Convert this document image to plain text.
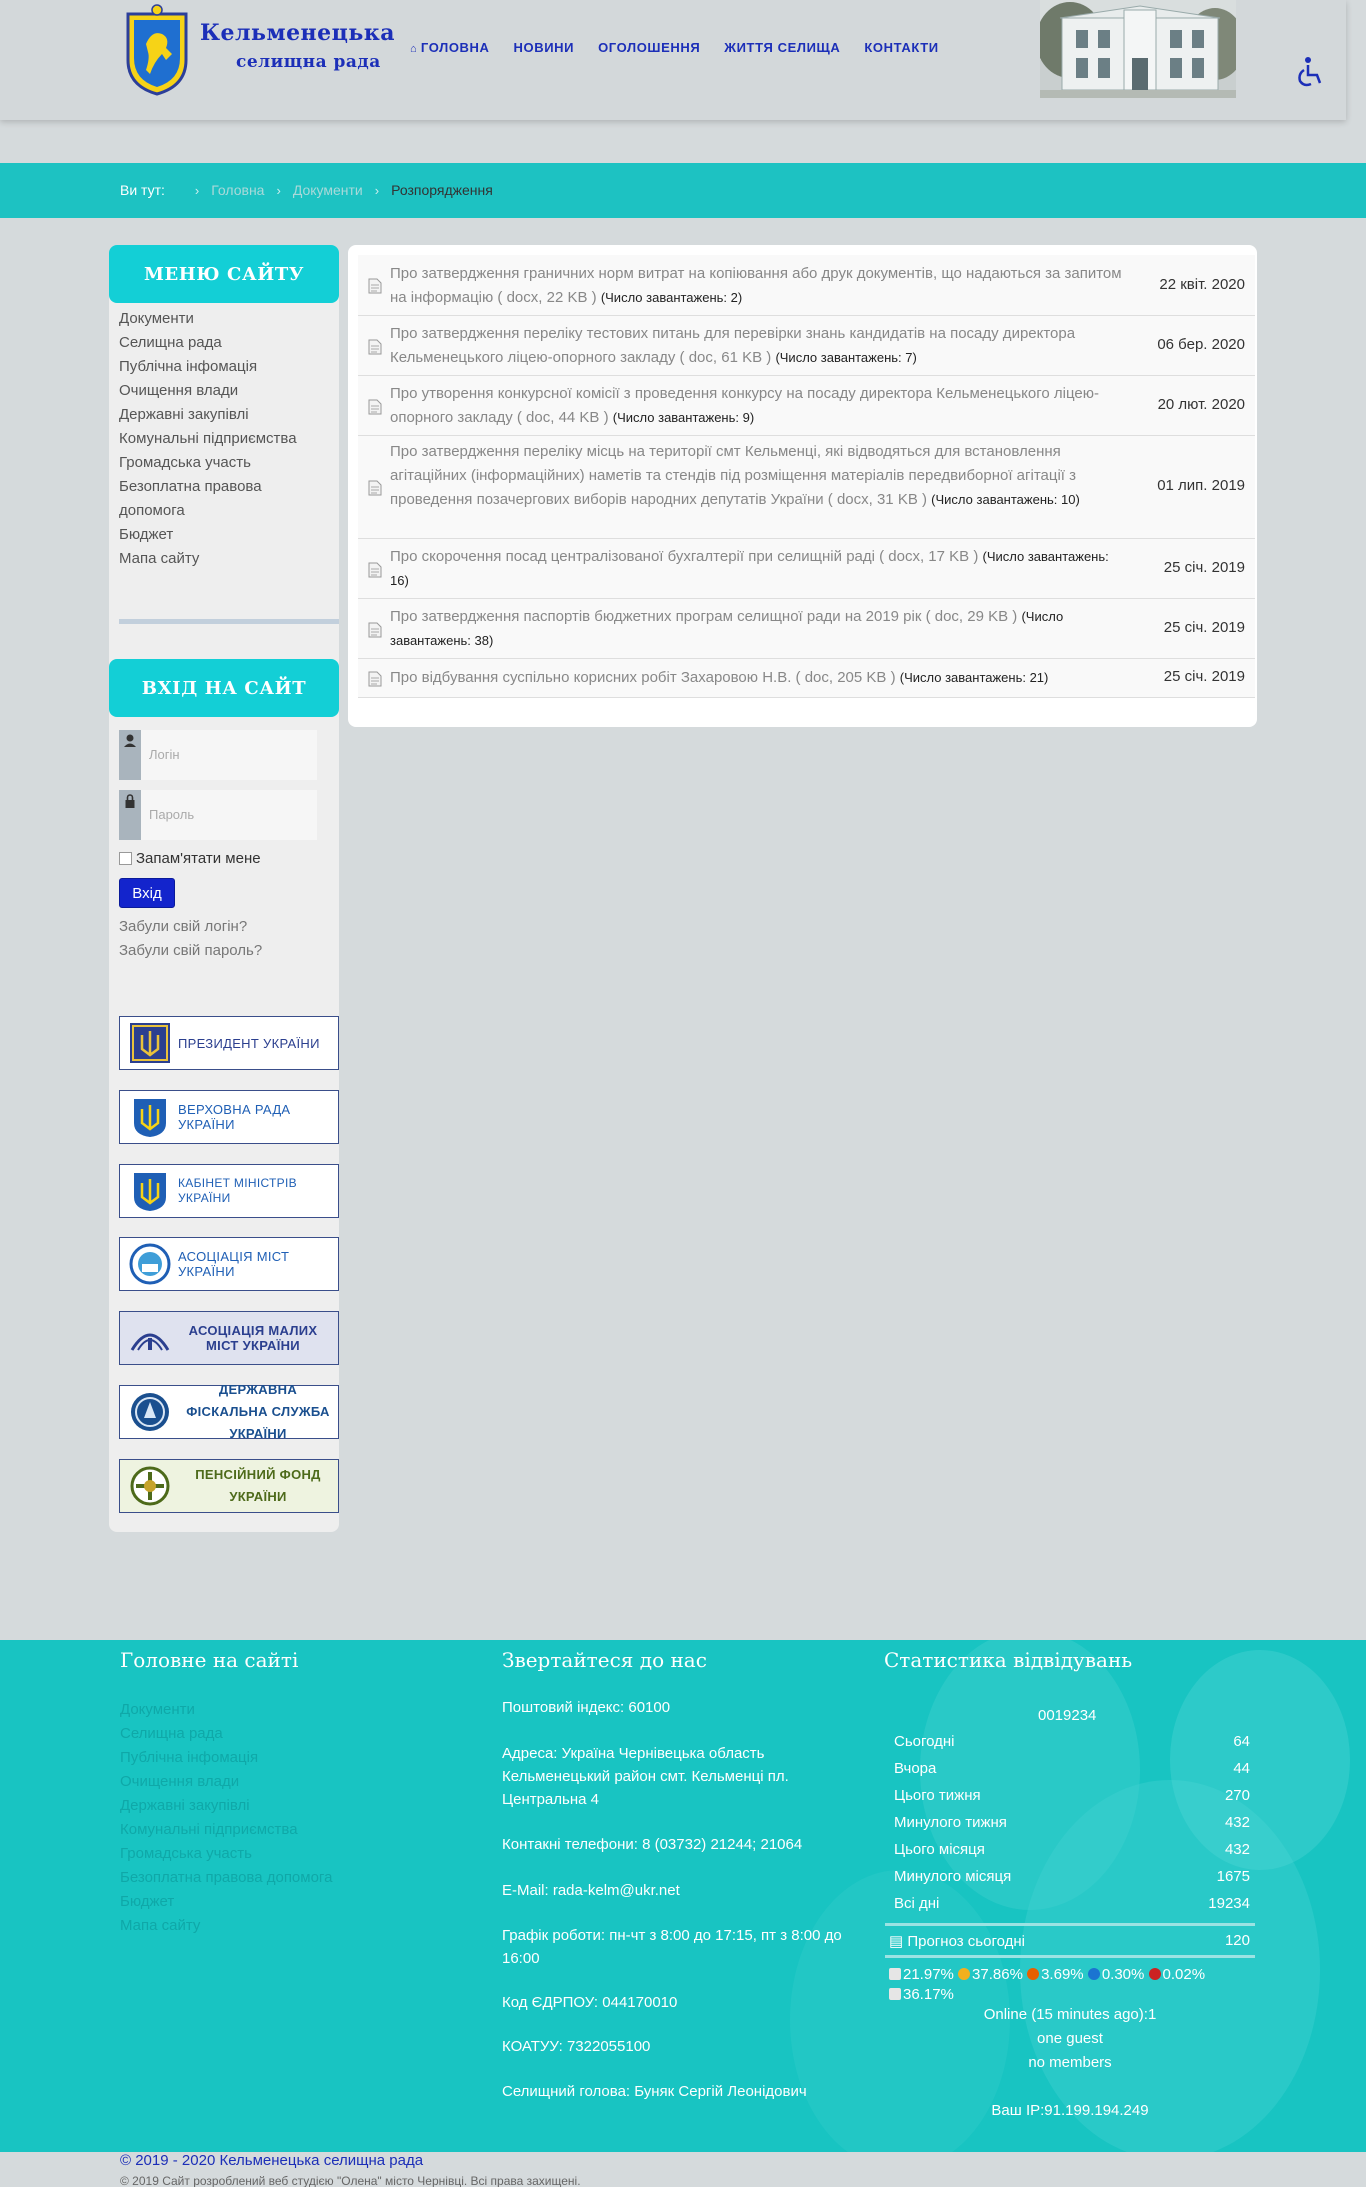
Кельменецька
селищна рада
⌂ ГОЛОВНА НОВИНИ ОГОЛОШЕННЯ ЖИТТЯ СЕЛИЩА КОНТАКТИ
Ви тут: › Головна › Документи › Розпорядження
МЕНЮ САЙТУ
Документи
Селищна рада
Публічна інфомація
Очищення влади
Державні закупівлі
Комунальні підприємства
Громадська участь
Безоплатна правова
допомога
Бюджет
Мапа сайту
ВХІД НА САЙТ
Логін
Пароль
Запам'ятати мене
Вхід
Забули свій логін?
Забули свій пароль?
ПРЕЗИДЕНТ УКРАЇНИ
ВЕРХОВНА РАДА УКРАЇНИ
КАБІНЕТ МІНІСТРІВ УКРАЇНИ
АСОЦІАЦІЯ МІСТ УКРАЇНИ
АСОЦІАЦІЯ МАЛИХ МІСТ УКРАЇНИ
ДЕРЖАВНА ФІСКАЛЬНА СЛУЖБА УКРАЇНИ
ПЕНСІЙНИЙ ФОНД УКРАЇНИ
Про затвердження граничних норм витрат на копіювання або друк документів, що надаються за запитом на інформацію ( docx, 22 KB ) (Число завантажень: 2)
22 квіт. 2020
Про затвердження переліку тестових питань для перевірки знань кандидатів на посаду директора Кельменецького ліцею-опорного закладу ( doc, 61 KB ) (Число завантажень: 7)
06 бер. 2020
Про утворення конкурсної комісії з проведення конкурсу на посаду директора Кельменецького ліцею- опорного закладу ( doc, 44 KB ) (Число завантажень: 9)
20 лют. 2020
Про затвердження переліку місць на території смт Кельменці, які відводяться для встановлення агітаційних (інформаційних) наметів та стендів під розміщення матеріалів передвиборної агітації з проведення позачергових виборів народних депутатів України ( docx, 31 KB ) (Число завантажень: 10)
01 лип. 2019
Про скорочення посад централізованої бухгалтерії при селищній раді ( docx, 17 KB ) (Число завантажень: 16)
25 січ. 2019
Про затвердження паспортів бюджетних програм селищної ради на 2019 рік ( doc, 29 KB ) (Число завантажень: 38)
25 січ. 2019
Про відбування суспільно корисних робіт Захаровою Н.В. ( doc, 205 KB ) (Число завантажень: 21)	25 січ. 2019
Головне на сайті
Документи
Селищна рада
Публічна інфомація
Очищення влади
Державні закупівлі
Комунальні підприємства
Громадська участь
Безоплатна правова допомога
Бюджет
Мапа сайту
Звертайтеся до нас
Поштовий індекс: 60100
Адреса: Україна Чернівецька область Кельменецький район смт. Кельменці пл. Центральна 4
Контакні телефони: 8 (03732) 21244; 21064
E-Mail: rada-kelm@ukr.net
Графік роботи: пн-чт з 8:00 до 17:15, пт з 8:00 до 16:00
Код ЄДРПОУ: 044170010
КОАТУУ: 7322055100
Селищний голова: Буняк Сергій Леонідович
Статистика відвідувань
0019234
Сьогодні	64
Вчора	44
Цього тижня	270
Минулого тижня	432
Цього місяця	432
Минулого місяця	1675
Всі дні	19234
▤ Прогноз сьогодні	120
21.97% 37.86% 3.69% 0.30% 0.02%
36.17%
Online (15 minutes ago):1
one guest
no members
Ваш IP:91.199.194.249
© 2019 - 2020 Кельменецька селищна рада
© 2019 Сайт розроблений веб студією "Олена" місто Чернівці. Всі права захищені.
